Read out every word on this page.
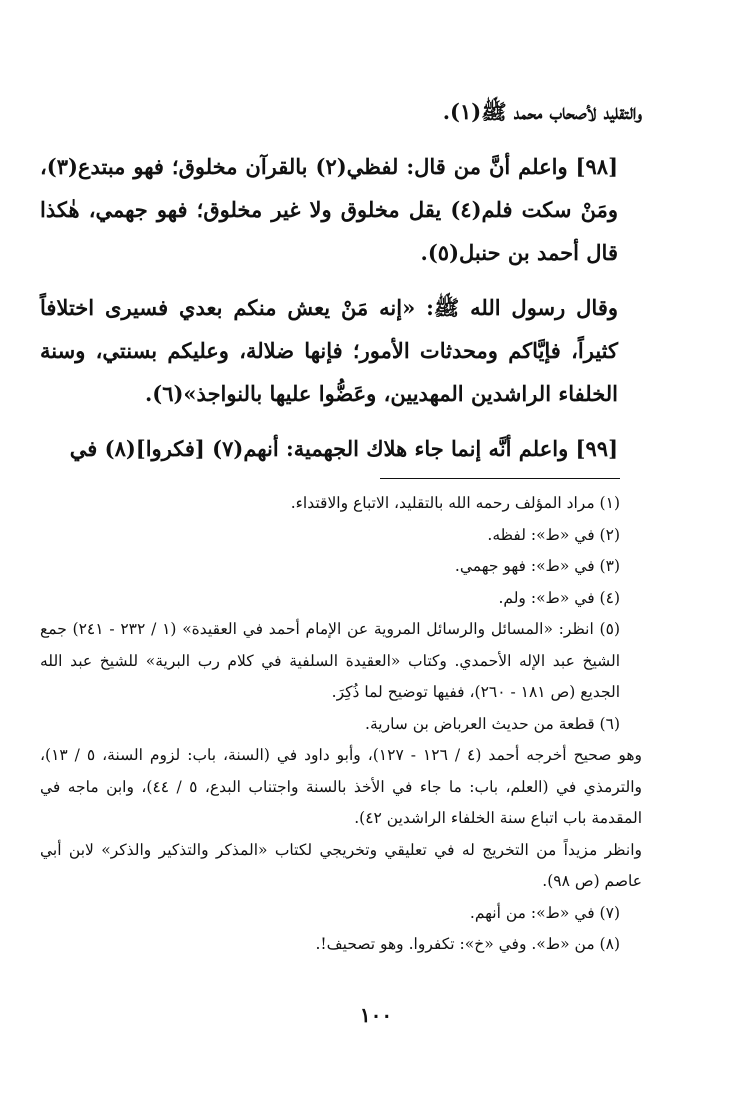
والتقليد لأصحاب محمد ﷺ(١).

[٩٨] واعلم أنَّ من قال: لفظي(٢) بالقرآن مخلوق؛ فهو مبتدع(٣)، ومَنْ سكت فلم(٤) يقل مخلوق ولا غير مخلوق؛ فهو جهمي، هٰكذا قال أحمد بن حنبل(٥).

وقال رسول الله ﷺ: «إنه مَنْ يعش منكم بعدي فسيرى اختلافاً كثيراً، فإيَّاكم ومحدثات الأمور؛ فإنها ضلالة، وعليكم بسنتي، وسنة الخلفاء الراشدين المهديين، وعَضُّوا عليها بالنواجذ»(٦).

[٩٩] واعلم أنَّه إنما جاء هلاك الجهمية: أنهم(٧) [فكروا](٨) في

(١) مراد المؤلف رحمه الله بالتقليد، الاتباع والاقتداء.

(٢) في «ط»: لفظه.

(٣) في «ط»: فهو جهمي.

(٤) في «ط»: ولم.

(٥) انظر: «المسائل والرسائل المروية عن الإمام أحمد في العقيدة» (١ / ٢٣٢ - ٢٤١) جمع الشيخ عبد الإله الأحمدي. وكتاب «العقيدة السلفية في كلام رب البرية» للشيخ عبد الله الجديع (ص ١٨١ - ٢٦٠)، ففيها توضيح لما ذُكِرَ.

(٦) قطعة من حديث العرباض بن سارية.

وهو صحيح أخرجه أحمد (٤ / ١٢٦ - ١٢٧)، وأبو داود في (السنة، باب: لزوم السنة، ٥ / ١٣)، والترمذي في (العلم، باب: ما جاء في الأخذ بالسنة واجتناب البدع، ٥ / ٤٤)، وابن ماجه في المقدمة باب اتباع سنة الخلفاء الراشدين ٤٢).

وانظر مزيداً من التخريج له في تعليقي وتخريجي لكتاب «المذكر والتذكير والذكر» لابن أبي عاصم (ص ٩٨).

(٧) في «ط»: من أنهم.

(٨) من «ط». وفي «خ»: تكفروا. وهو تصحيف!.

١٠٠
